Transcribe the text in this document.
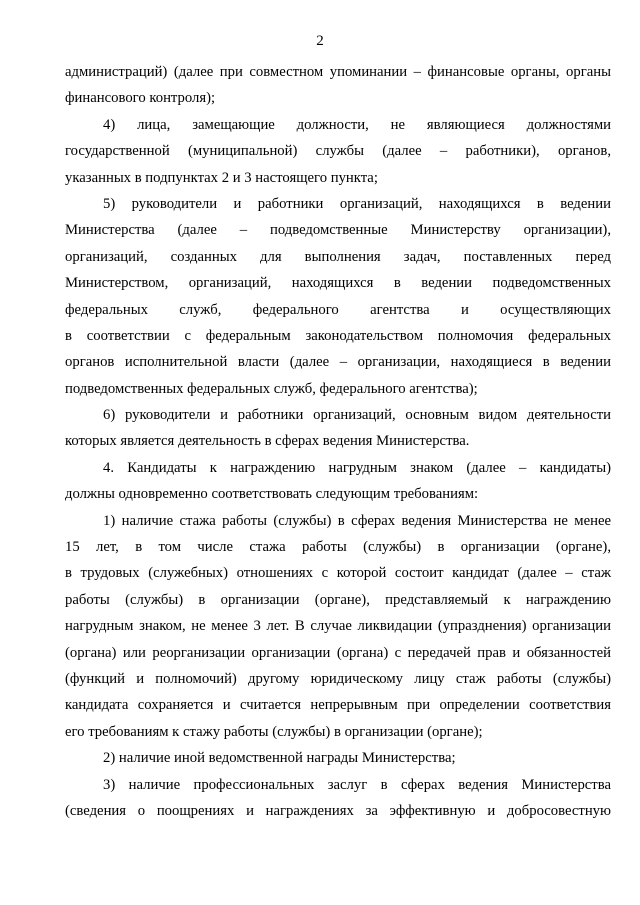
2
администраций) (далее при совместном упоминании – финансовые органы, органы
финансового контроля);
4) лица, замещающие должности, не являющиеся должностями
государственной (муниципальной) службы (далее – работники), органов,
указанных в подпунктах 2 и 3 настоящего пункта;
5) руководители и работники организаций, находящихся в ведении
Министерства (далее – подведомственные Министерству организации),
организаций, созданных для выполнения задач, поставленных перед
Министерством, организаций, находящихся в ведении подведомственных
федеральных служб, федерального агентства и осуществляющих
в соответствии с федеральным законодательством полномочия федеральных
органов исполнительной власти (далее – организации, находящиеся в ведении
подведомственных федеральных служб, федерального агентства);
6) руководители и работники организаций, основным видом деятельности
которых является деятельность в сферах ведения Министерства.
4. Кандидаты к награждению нагрудным знаком (далее – кандидаты)
должны одновременно соответствовать следующим требованиям:
1) наличие стажа работы (службы) в сферах ведения Министерства не менее
15 лет, в том числе стажа работы (службы) в организации (органе),
в трудовых (служебных) отношениях с которой состоит кандидат (далее – стаж
работы (службы) в организации (органе), представляемый к награждению
нагрудным знаком, не менее 3 лет. В случае ликвидации (упразднения) организации
(органа) или реорганизации организации (органа) с передачей прав и обязанностей
(функций и полномочий) другому юридическому лицу стаж работы (службы)
кандидата сохраняется и считается непрерывным при определении соответствия
его требованиям к стажу работы (службы) в организации (органе);
2) наличие иной ведомственной награды Министерства;
3) наличие профессиональных заслуг в сферах ведения Министерства
(сведения о поощрениях и награждениях за эффективную и добросовестную
